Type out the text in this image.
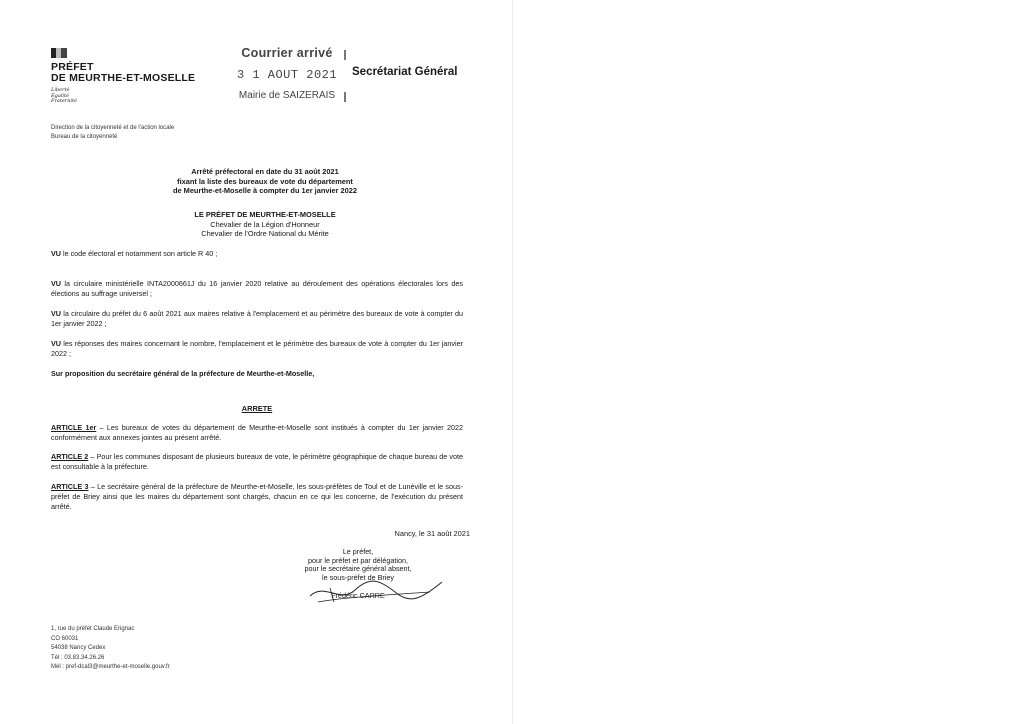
PRÉFET
DE MEURTHE-ET-MOSELLE
Liberté
Égalité
Fraternité
Courrier arrivé
3 1 AOUT 2021
Mairie de SAIZERAIS
Secrétariat Général
Direction de la citoyenneté et de l'action locale
Bureau de la citoyenneté
Arrêté préfectoral en date du 31 août 2021
fixant la liste des bureaux de vote du département
de Meurthe-et-Moselle à compter du 1er janvier 2022
LE PRÉFET DE MEURTHE-ET-MOSELLE
Chevalier de la Légion d'Honneur
Chevalier de l'Ordre National du Mérite
VU le code électoral et notamment son article R 40 ;
VU la circulaire ministérielle INTA2000661J du 16 janvier 2020 relative au déroulement des opérations électorales lors des élections au suffrage universel ;
VU la circulaire du préfet du 6 août 2021 aux maires relative à l'emplacement et au périmètre des bureaux de vote à compter du 1er janvier 2022 ;
VU les réponses des maires concernant le nombre, l'emplacement et le périmètre des bureaux de vote à compter du 1er janvier 2022 ;
Sur proposition du secrétaire général de la préfecture de Meurthe-et-Moselle,
ARRETE
ARTICLE 1er – Les bureaux de votes du département de Meurthe-et-Moselle sont institués à compter du 1er janvier 2022 conformément aux annexes jointes au présent arrêté.
ARTICLE 2 – Pour les communes disposant de plusieurs bureaux de vote, le périmètre géographique de chaque bureau de vote est consultable à la préfecture.
ARTICLE 3 – Le secrétaire général de la préfecture de Meurthe-et-Moselle, les sous-préfètes de Toul et de Lunéville et le sous-préfet de Briey ainsi que les maires du département sont chargés, chacun en ce qui les concerne, de l'exécution du présent arrêté.
Nancy, le 31 août 2021
Le préfet,
pour le préfet et par délégation,
pour le secrétaire général absent,
le sous-préfet de Briey
Frédéric CARRE
1, rue du préfet Claude Erignac
CO 60031
54038 Nancy Cedex
Tél : 03.83.34.26.26
Mél : pref-dcal3@meurthe-et-moselle.gouv.fr
